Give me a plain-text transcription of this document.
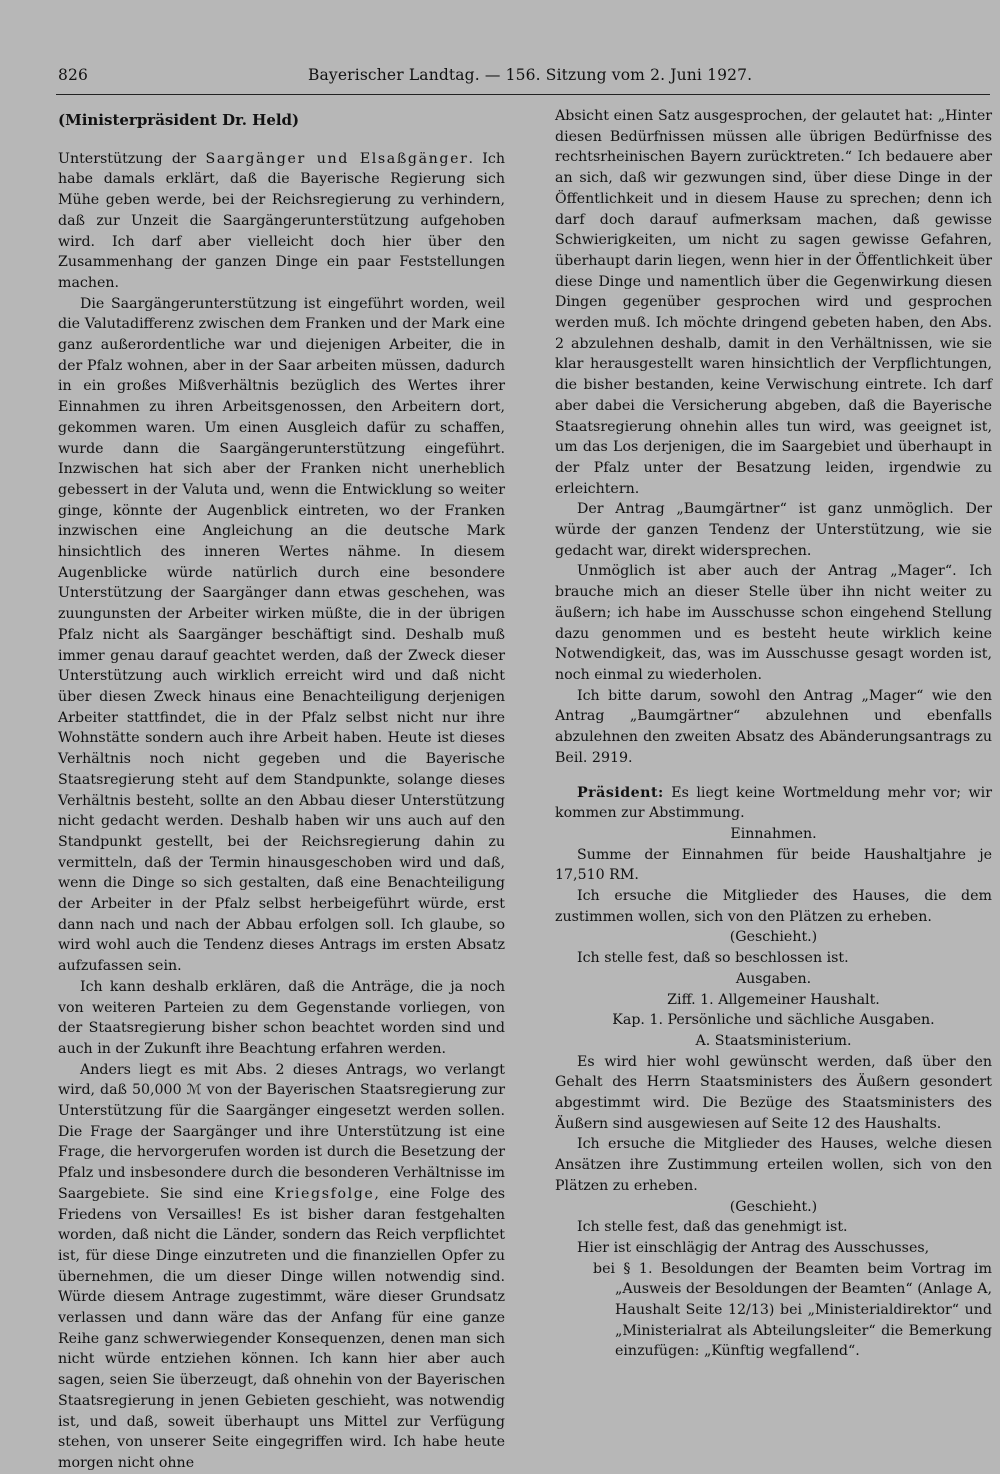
826	Bayerischer Landtag. — 156. Sitzung vom 2. Juni 1927.
(Ministerpräsident Dr. Held)

Unterstützung der Saargänger und Elsaßgänger. Ich habe damals erklärt, daß die Bayerische Regierung sich Mühe geben werde, bei der Reichsregierung zu verhindern, daß zur Unzeit die Saargängerunterstützung aufgehoben wird. Ich darf aber vielleicht doch hier über den Zusammenhang der ganzen Dinge ein paar Feststellungen machen.

Die Saargängerunterstützung ist eingeführt worden, weil die Valutadifferenz zwischen dem Franken und der Mark eine ganz außerordentliche war und diejenigen Arbeiter, die in der Pfalz wohnen, aber in der Saar arbeiten müssen, dadurch in ein großes Mißverhältnis bezüglich des Wertes ihrer Einnahmen zu ihren Arbeitsgenossen, den Arbeitern dort, gekommen waren. Um einen Ausgleich dafür zu schaffen, wurde dann die Saargängerunterstützung eingeführt. Inzwischen hat sich aber der Franken nicht unerheblich gebessert in der Valuta und, wenn die Entwicklung so weiter ginge, könnte der Augenblick eintreten, wo der Franken inzwischen eine Angleichung an die deutsche Mark hinsichtlich des inneren Wertes nähme. In diesem Augenblicke würde natürlich durch eine besondere Unterstützung der Saargänger dann etwas geschehen, was zuungunsten der Arbeiter wirken müßte, die in der übrigen Pfalz nicht als Saargänger beschäftigt sind. Deshalb muß immer genau darauf geachtet werden, daß der Zweck dieser Unterstützung auch wirklich erreicht wird und daß nicht über diesen Zweck hinaus eine Benachteiligung derjenigen Arbeiter stattfindet, die in der Pfalz selbst nicht nur ihre Wohnstätte sondern auch ihre Arbeit haben. Heute ist dieses Verhältnis noch nicht gegeben und die Bayerische Staatsregierung steht auf dem Standpunkte, solange dieses Verhältnis besteht, sollte an den Abbau dieser Unterstützung nicht gedacht werden. Deshalb haben wir uns auch auf den Standpunkt gestellt, bei der Reichsregierung dahin zu vermitteln, daß der Termin hinausgeschoben wird und daß, wenn die Dinge so sich gestalten, daß eine Benachteiligung der Arbeiter in der Pfalz selbst herbeigeführt würde, erst dann nach und nach der Abbau erfolgen soll. Ich glaube, so wird wohl auch die Tendenz dieses Antrags im ersten Absatz aufzufassen sein.

Ich kann deshalb erklären, daß die Anträge, die ja noch von weiteren Parteien zu dem Gegenstande vorliegen, von der Staatsregierung bisher schon beachtet worden sind und auch in der Zukunft ihre Beachtung erfahren werden.

Anders liegt es mit Abs. 2 dieses Antrags, wo verlangt wird, daß 50,000 ℳ von der Bayerischen Staatsregierung zur Unterstützung für die Saargänger eingesetzt werden sollen. Die Frage der Saargänger und ihre Unterstützung ist eine Frage, die hervorgerufen worden ist durch die Besetzung der Pfalz und insbesondere durch die besonderen Verhältnisse im Saargebiete. Sie sind eine Kriegsfolge, eine Folge des Friedens von Versailles! Es ist bisher daran festgehalten worden, daß nicht die Länder, sondern das Reich verpflichtet ist, für diese Dinge einzutreten und die finanziellen Opfer zu übernehmen, die um dieser Dinge willen notwendig sind. Würde diesem Antrage zugestimmt, wäre dieser Grundsatz verlassen und dann wäre das der Anfang für eine ganze Reihe ganz schwerwiegender Konsequenzen, denen man sich nicht würde entziehen können. Ich kann hier aber auch sagen, seien Sie überzeugt, daß ohnehin von der Bayerischen Staatsregierung in jenen Gebieten geschieht, was notwendig ist, und daß, soweit überhaupt uns Mittel zur Verfügung stehen, von unserer Seite eingegriffen wird. Ich habe heute morgen nicht ohne

Absicht einen Satz ausgesprochen, der gelautet hat: „Hinter diesen Bedürfnissen müssen alle übrigen Bedürfnisse des rechtsrheinischen Bayern zurücktreten.“ Ich bedauere aber an sich, daß wir gezwungen sind, über diese Dinge in der Öffentlichkeit und in diesem Hause zu sprechen; denn ich darf doch darauf aufmerksam machen, daß gewisse Schwierigkeiten, um nicht zu sagen gewisse Gefahren, überhaupt darin liegen, wenn hier in der Öffentlichkeit über diese Dinge und namentlich über die Gegenwirkung diesen Dingen gegenüber gesprochen wird und gesprochen werden muß. Ich möchte dringend gebeten haben, den Abs. 2 abzulehnen deshalb, damit in den Verhältnissen, wie sie klar herausgestellt waren hinsichtlich der Verpflichtungen, die bisher bestanden, keine Verwischung eintrete. Ich darf aber dabei die Versicherung abgeben, daß die Bayerische Staatsregierung ohnehin alles tun wird, was geeignet ist, um das Los derjenigen, die im Saargebiet und überhaupt in der Pfalz unter der Besatzung leiden, irgendwie zu erleichtern.

Der Antrag „Baumgärtner“ ist ganz unmöglich. Der würde der ganzen Tendenz der Unterstützung, wie sie gedacht war, direkt widersprechen.

Unmöglich ist aber auch der Antrag „Mager“. Ich brauche mich an dieser Stelle über ihn nicht weiter zu äußern; ich habe im Ausschusse schon eingehend Stellung dazu genommen und es besteht heute wirklich keine Notwendigkeit, das, was im Ausschusse gesagt worden ist, noch einmal zu wiederholen.

Ich bitte darum, sowohl den Antrag „Mager“ wie den Antrag „Baumgärtner“ abzulehnen und ebenfalls abzulehnen den zweiten Absatz des Abänderungsantrags zu Beil. 2919.

Präsident: Es liegt keine Wortmeldung mehr vor; wir kommen zur Abstimmung.

Einnahmen.

Summe der Einnahmen für beide Haushaltjahre je 17,510 RM.

Ich ersuche die Mitglieder des Hauses, die dem zustimmen wollen, sich von den Plätzen zu erheben.

(Geschieht.)

Ich stelle fest, daß so beschlossen ist.

Ausgaben.

Ziff. 1. Allgemeiner Haushalt.

Kap. 1. Persönliche und sächliche Ausgaben.

A. Staatsministerium.

Es wird hier wohl gewünscht werden, daß über den Gehalt des Herrn Staatsministers des Äußern gesondert abgestimmt wird. Die Bezüge des Staatsministers des Äußern sind ausgewiesen auf Seite 12 des Haushalts.

Ich ersuche die Mitglieder des Hauses, welche diesen Ansätzen ihre Zustimmung erteilen wollen, sich von den Plätzen zu erheben.

(Geschieht.)

Ich stelle fest, daß das genehmigt ist.

Hier ist einschlägig der Antrag des Ausschusses,

bei § 1. Besoldungen der Beamten beim Vortrag im „Ausweis der Besoldungen der Beamten“ (Anlage A, Haushalt Seite 12/13) bei „Ministerialdirektor“ und „Ministerialrat als Abteilungsleiter“ die Bemerkung einzufügen: „Künftig wegfallend“.
